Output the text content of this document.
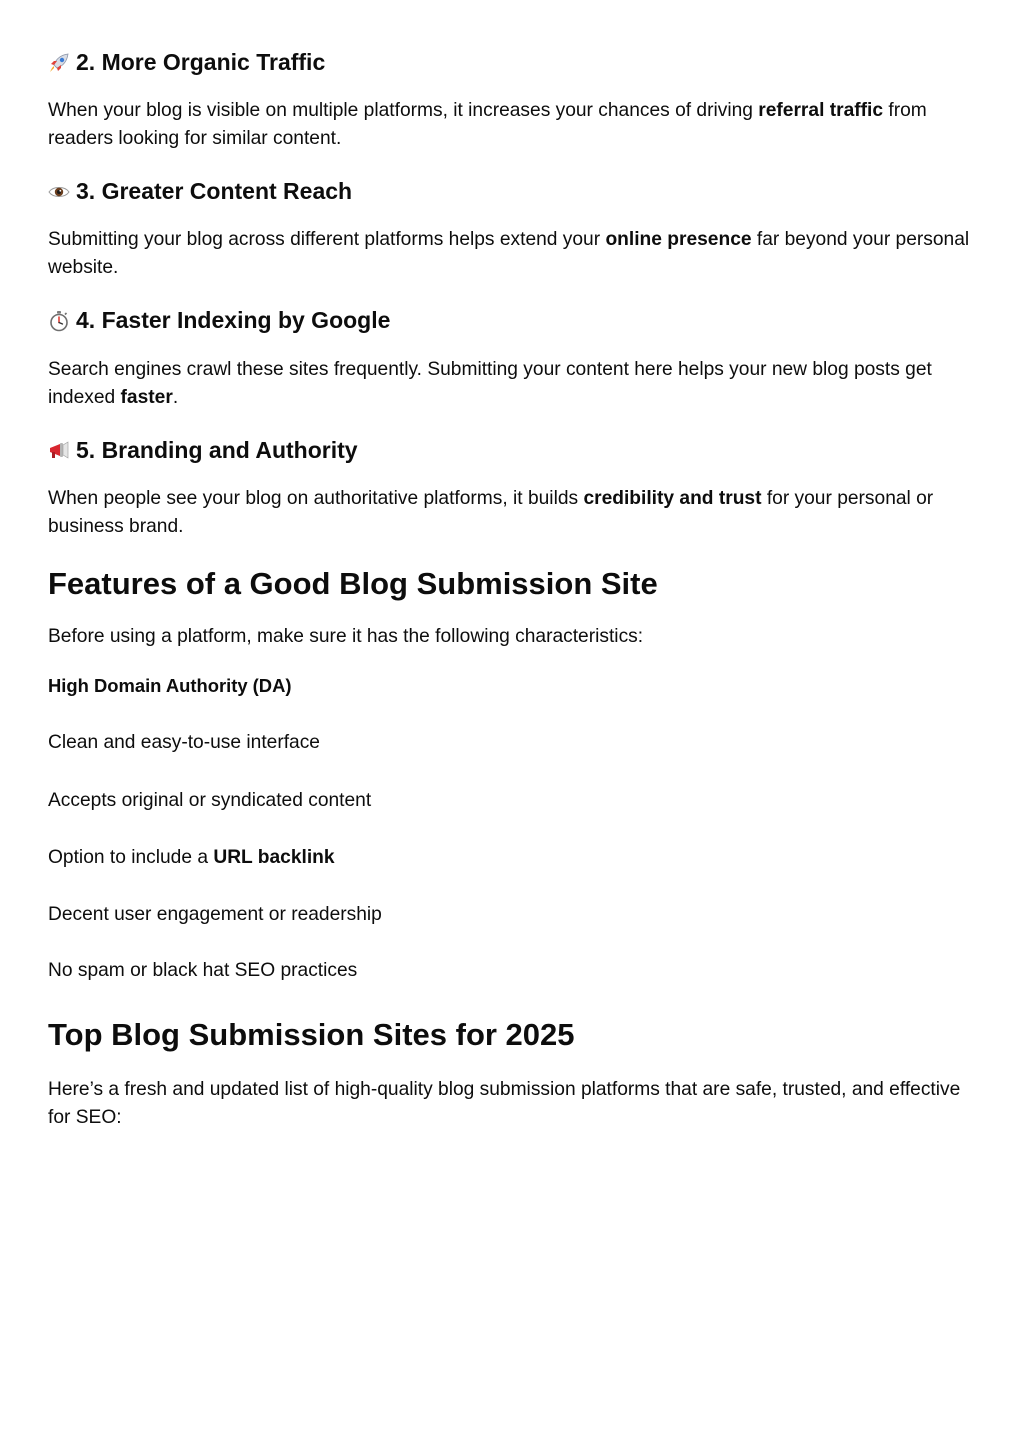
2. More Organic Traffic

When your blog is visible on multiple platforms, it increases your chances of driving referral traffic from readers looking for similar content.

3. Greater Content Reach

Submitting your blog across different platforms helps extend your online presence far beyond your personal website.

4. Faster Indexing by Google

Search engines crawl these sites frequently. Submitting your content here helps your new blog posts get indexed faster.

5. Branding and Authority

When people see your blog on authoritative platforms, it builds credibility and trust for your personal or business brand.

Features of a Good Blog Submission Site

Before using a platform, make sure it has the following characteristics:

High Domain Authority (DA)

Clean and easy-to-use interface

Accepts original or syndicated content

Option to include a URL backlink

Decent user engagement or readership

No spam or black hat SEO practices

Top Blog Submission Sites for 2025

Here’s a fresh and updated list of high-quality blog submission platforms that are safe, trusted, and effective for SEO:
